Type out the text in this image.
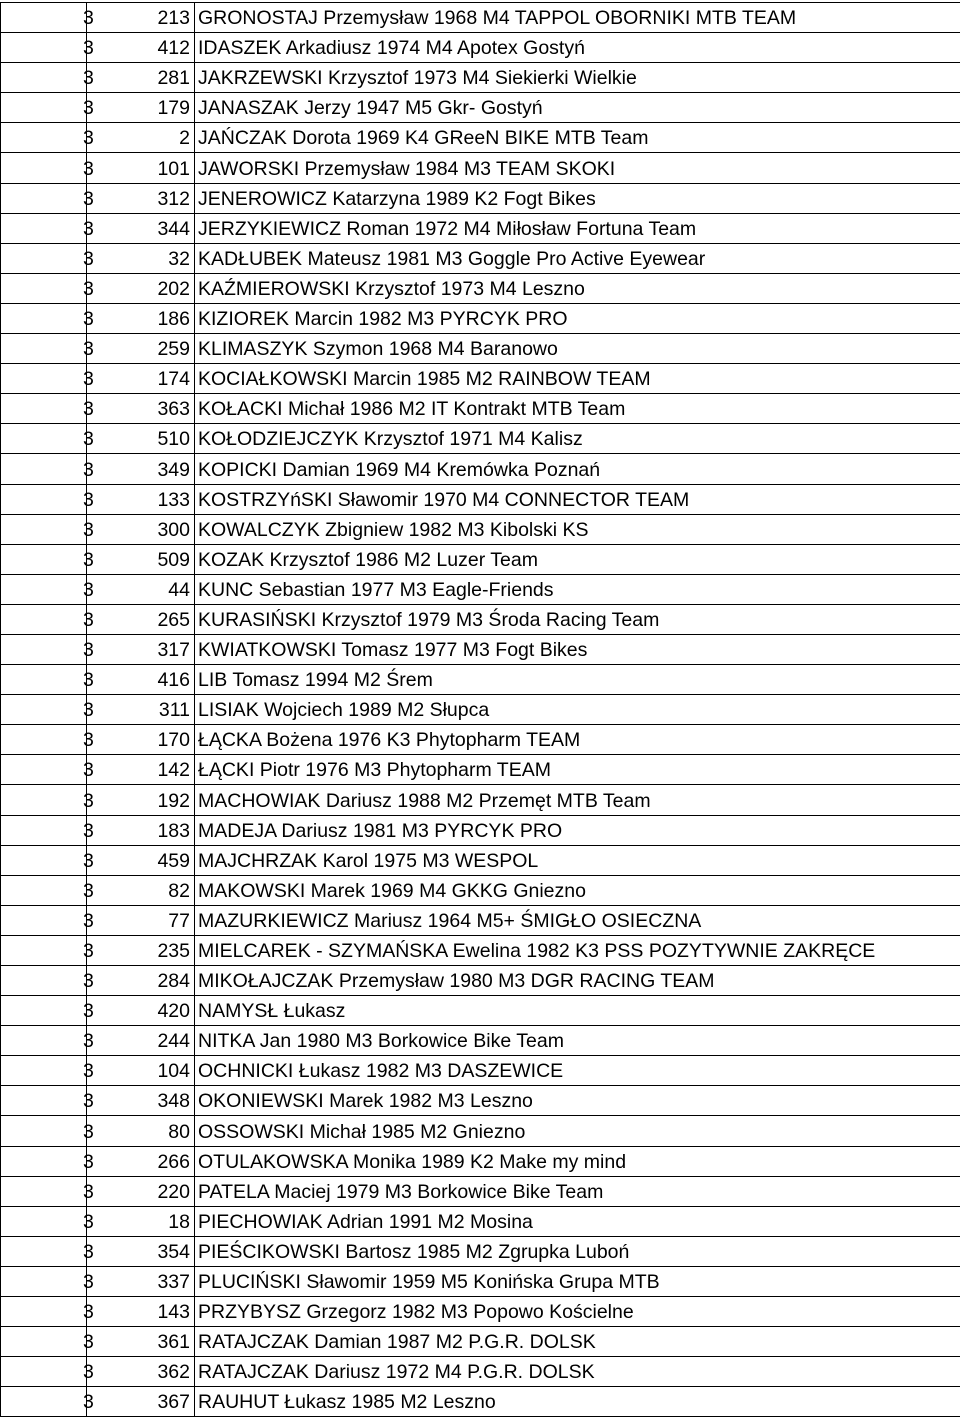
3	213	GRONOSTAJ Przemysław 1968 M4 TAPPOL OBORNIKI MTB TEAM
3	412	IDASZEK Arkadiusz 1974 M4 Apotex Gostyń
3	281	JAKRZEWSKI Krzysztof 1973 M4 Siekierki Wielkie
3	179	JANASZAK Jerzy 1947 M5 Gkr- Gostyń
3	2	JAŃCZAK Dorota 1969 K4 GReeN BIKE MTB Team
3	101	JAWORSKI Przemysław 1984 M3 TEAM SKOKI
3	312	JENEROWICZ Katarzyna 1989 K2 Fogt Bikes
3	344	JERZYKIEWICZ Roman 1972 M4 Miłosław Fortuna Team
3	32	KADŁUBEK Mateusz 1981 M3 Goggle Pro Active Eyewear
3	202	KAŹMIEROWSKI Krzysztof 1973 M4 Leszno
3	186	KIZIOREK Marcin 1982 M3 PYRCYK PRO
3	259	KLIMASZYK Szymon 1968 M4 Baranowo
3	174	KOCIAŁKOWSKI Marcin 1985 M2 RAINBOW TEAM
3	363	KOŁACKI Michał 1986 M2 IT Kontrakt MTB Team
3	510	KOŁODZIEJCZYK Krzysztof 1971 M4 Kalisz
3	349	KOPICKI Damian 1969 M4 Kremówka Poznań
3	133	KOSTRZYńSKI Sławomir 1970 M4 CONNECTOR TEAM
3	300	KOWALCZYK Zbigniew 1982 M3 Kibolski KS
3	509	KOZAK Krzysztof 1986 M2 Luzer Team
3	44	KUNC Sebastian 1977 M3 Eagle-Friends
3	265	KURASIŃSKI Krzysztof 1979 M3 Środa Racing Team
3	317	KWIATKOWSKI Tomasz 1977 M3 Fogt Bikes
3	416	LIB Tomasz 1994 M2 Śrem
3	311	LISIAK Wojciech 1989 M2 Słupca
3	170	ŁĄCKA Bożena 1976 K3 Phytopharm TEAM
3	142	ŁĄCKI Piotr 1976 M3 Phytopharm TEAM
3	192	MACHOWIAK Dariusz 1988 M2 Przemęt MTB Team
3	183	MADEJA Dariusz 1981 M3 PYRCYK PRO
3	459	MAJCHRZAK Karol 1975 M3 WESPOL
3	82	MAKOWSKI Marek 1969 M4 GKKG Gniezno
3	77	MAZURKIEWICZ Mariusz 1964 M5+ ŚMIGŁO OSIECZNA
3	235	MIELCAREK - SZYMAŃSKA Ewelina 1982 K3 PSS POZYTYWNIE ZAKRĘCE
3	284	MIKOŁAJCZAK Przemysław 1980 M3 DGR RACING TEAM
3	420	NAMYSŁ Łukasz
3	244	NITKA Jan 1980 M3 Borkowice Bike Team
3	104	OCHNICKI Łukasz 1982 M3 DASZEWICE
3	348	OKONIEWSKI Marek 1982 M3 Leszno
3	80	OSSOWSKI Michał 1985 M2 Gniezno
3	266	OTULAKOWSKA Monika 1989 K2 Make my mind
3	220	PATELA Maciej 1979 M3 Borkowice Bike Team
3	18	PIECHOWIAK Adrian 1991 M2 Mosina
3	354	PIEŚCIKOWSKI Bartosz 1985 M2 Zgrupka Luboń
3	337	PLUCIŃSKI Sławomir 1959 M5 Konińska Grupa MTB
3	143	PRZYBYSZ Grzegorz 1982 M3 Popowo Kościelne
3	361	RATAJCZAK Damian 1987 M2 P.G.R. DOLSK
3	362	RATAJCZAK Dariusz 1972 M4 P.G.R. DOLSK
3	367	RAUHUT Łukasz 1985 M2 Leszno
